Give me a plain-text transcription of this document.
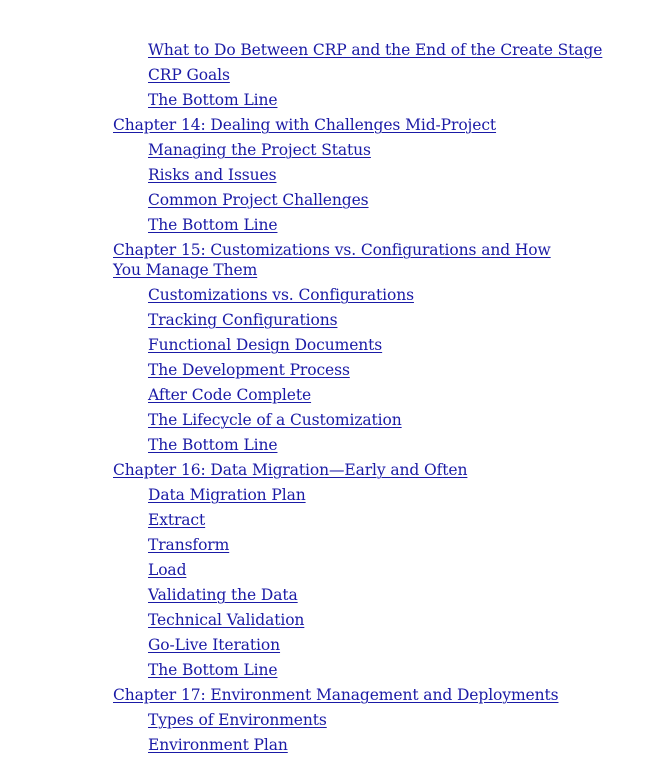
What to Do Between CRP and the End of the Create Stage
CRP Goals
The Bottom Line
Chapter 14: Dealing with Challenges Mid-Project
Managing the Project Status
Risks and Issues
Common Project Challenges
The Bottom Line
Chapter 15: Customizations vs. Configurations and How You Manage Them
Customizations vs. Configurations
Tracking Configurations
Functional Design Documents
The Development Process
After Code Complete
The Lifecycle of a Customization
The Bottom Line
Chapter 16: Data Migration—Early and Often
Data Migration Plan
Extract
Transform
Load
Validating the Data
Technical Validation
Go-Live Iteration
The Bottom Line
Chapter 17: Environment Management and Deployments
Types of Environments
Environment Plan
